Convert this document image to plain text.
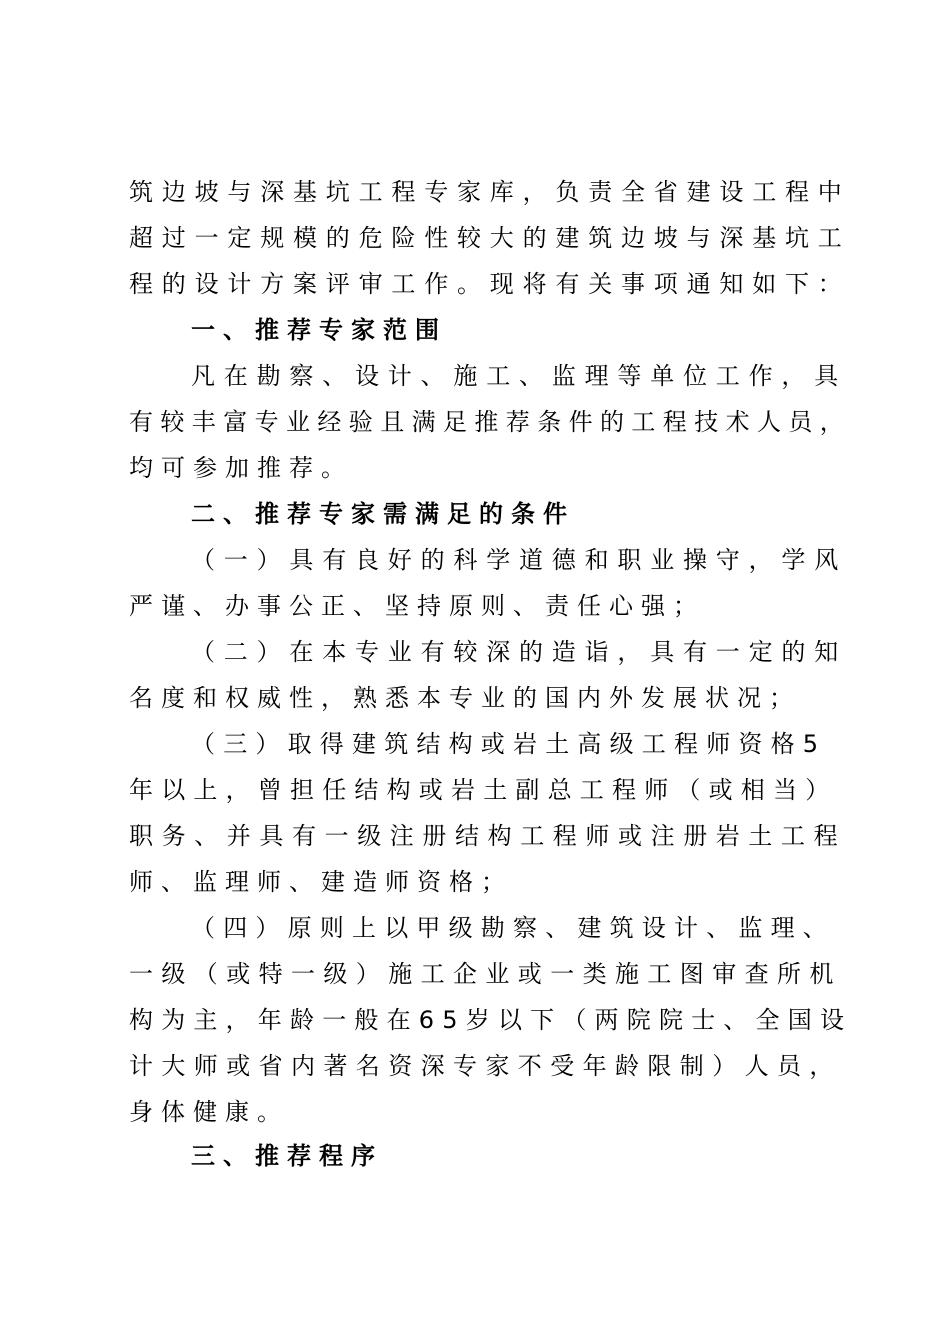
筑边坡与深基坑工程专家库，负责全省建设工程中
超过一定规模的危险性较大的建筑边坡与深基坑工
程的设计方案评审工作。现将有关事项通知如下：
一、推荐专家范围
凡在勘察、设计、施工、监理等单位工作，具
有较丰富专业经验且满足推荐条件的工程技术人员，
均可参加推荐。
二、推荐专家需满足的条件
（一）具有良好的科学道德和职业操守，学风
严谨、办事公正、坚持原则、责任心强；
（二）在本专业有较深的造诣，具有一定的知
名度和权威性，熟悉本专业的国内外发展状况；
（三）取得建筑结构或岩土高级工程师资格5
年以上，曾担任结构或岩土副总工程师（或相当）
职务、并具有一级注册结构工程师或注册岩土工程
师、监理师、建造师资格；
（四）原则上以甲级勘察、建筑设计、监理、
一级（或特一级）施工企业或一类施工图审查所机
构为主，年龄一般在65岁以下（两院院士、全国设
计大师或省内著名资深专家不受年龄限制）人员，
身体健康。
三、推荐程序
